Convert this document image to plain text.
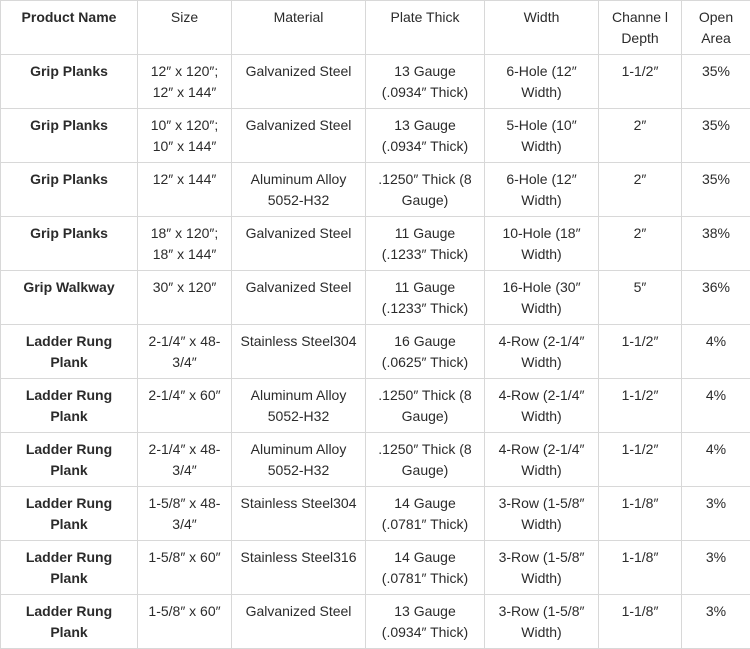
Product Name	Size	Material	Plate Thick	Width	Channe l Depth	Open Area
Grip Planks	12″ x 120″; 12″ x 144″	Galvanized Steel	13 Gauge (.0934″ Thick)	6-Hole (12″ Width)	1-1/2″	35%
Grip Planks	10″ x 120″; 10″ x 144″	Galvanized Steel	13 Gauge (.0934″ Thick)	5-Hole (10″ Width)	2″	35%
Grip Planks	12″ x 144″	Aluminum Alloy 5052-H32	.1250″ Thick (8 Gauge)	6-Hole (12″ Width)	2″	35%
Grip Planks	18″ x 120″; 18″ x 144″	Galvanized Steel	11 Gauge (.1233″ Thick)	10-Hole (18″ Width)	2″	38%
Grip Walkway	30″ x 120″	Galvanized Steel	11 Gauge (.1233″ Thick)	16-Hole (30″ Width)	5″	36%
Ladder Rung Plank	2-1/4″ x 48-3/4″	Stainless Steel304	16 Gauge (.0625″ Thick)	4-Row (2-1/4″ Width)	1-1/2″	4%
Ladder Rung Plank	2-1/4″ x 60″	Aluminum Alloy 5052-H32	.1250″ Thick (8 Gauge)	4-Row (2-1/4″ Width)	1-1/2″	4%
Ladder Rung Plank	2-1/4″ x 48-3/4″	Aluminum Alloy 5052-H32	.1250″ Thick (8 Gauge)	4-Row (2-1/4″ Width)	1-1/2″	4%
Ladder Rung Plank	1-5/8″ x 48-3/4″	Stainless Steel304	14 Gauge (.0781″ Thick)	3-Row (1-5/8″ Width)	1-1/8″	3%
Ladder Rung Plank	1-5/8″ x 60″	Stainless Steel316	14 Gauge (.0781″ Thick)	3-Row (1-5/8″ Width)	1-1/8″	3%
Ladder Rung Plank	1-5/8″ x 60″	Galvanized Steel	13 Gauge (.0934″ Thick)	3-Row (1-5/8″ Width)	1-1/8″	3%
